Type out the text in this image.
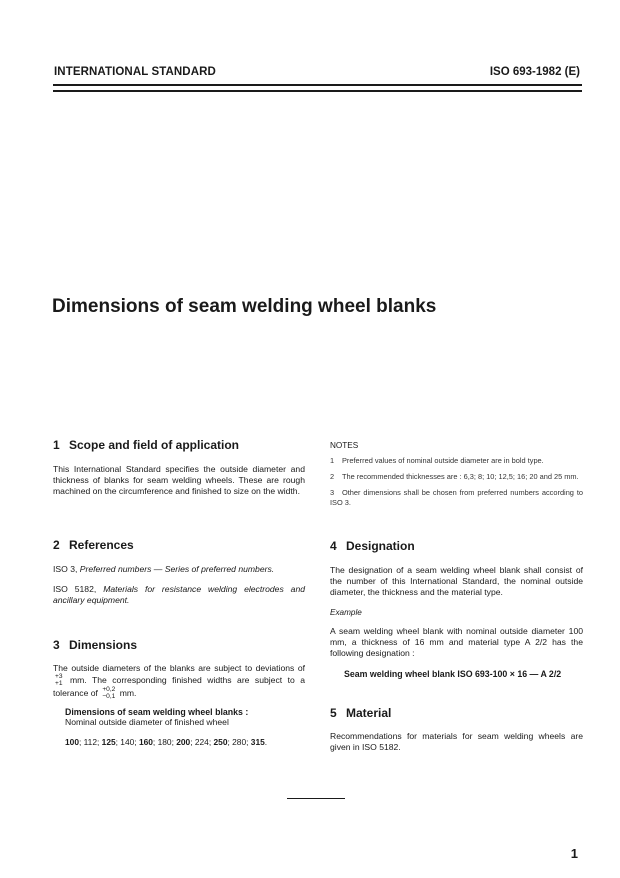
INTERNATIONAL STANDARD	ISO 693-1982 (E)
Dimensions of seam welding wheel blanks
1 Scope and field of application

This International Standard specifies the outside diameter and thickness of blanks for seam welding wheels. These are rough machined on the circumference and finished to size on the width.

2 References

ISO 3, Preferred numbers — Series of preferred numbers.

ISO 5182, Materials for resistance welding electrodes and ancillary equipment.

3 Dimensions

The outside diameters of the blanks are subject to deviations of
+3
+1 mm. The corresponding finished widths are subject to a tolerance of +0,2
−0,1 mm.

Dimensions of seam welding wheel blanks :
Nominal outside diameter of finished wheel
100; 112; 125; 140; 160; 180; 200; 224; 250; 280; 315.
NOTES

1 Preferred values of nominal outside diameter are in bold type.

2 The recommended thicknesses are : 6,3; 8; 10; 12,5; 16; 20 and 25 mm.

3 Other dimensions shall be chosen from preferred numbers according to ISO 3.

4 Designation

The designation of a seam welding wheel blank shall consist of the number of this International Standard, the nominal outside diameter, the thickness and the material type.

Example

A seam welding wheel blank with nominal outside diameter 100 mm, a thickness of 16 mm and material type A 2/2 has the following designation :

Seam welding wheel blank ISO 693-100 × 16 — A 2/2
5 Material

Recommendations for materials for seam welding wheels are given in ISO 5182.

1
